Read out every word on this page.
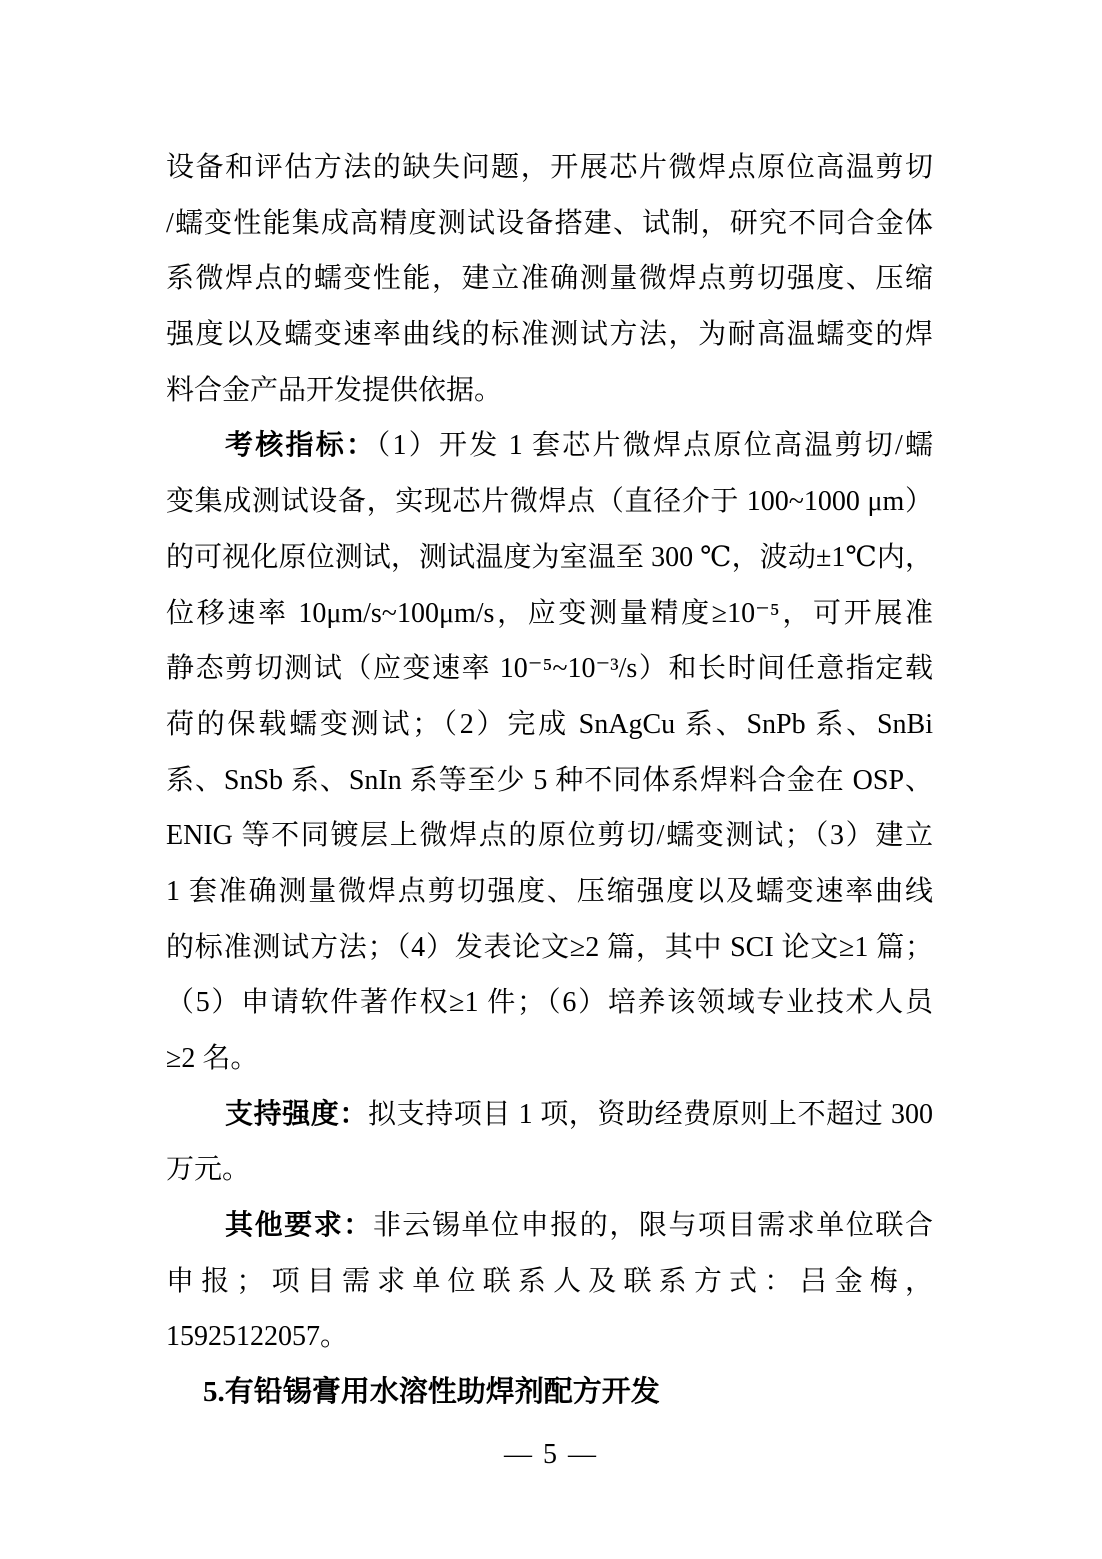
设备和评估方法的缺失问题，开展芯片微焊点原位高温剪切
/蠕变性能集成高精度测试设备搭建、试制，研究不同合金体
系微焊点的蠕变性能，建立准确测量微焊点剪切强度、压缩
强度以及蠕变速率曲线的标准测试方法，为耐高温蠕变的焊
料合金产品开发提供依据。
考核指标：（1）开发 1 套芯片微焊点原位高温剪切/蠕
变集成测试设备，实现芯片微焊点（直径介于 100~1000 μm）
的可视化原位测试，测试温度为室温至 300 ℃，波动±1℃内，
位移速率 10μm/s~100μm/s，应变测量精度≥10⁻⁵，可开展准
静态剪切测试（应变速率 10⁻⁵~10⁻³/s）和长时间任意指定载
荷的保载蠕变测试；（2）完成 SnAgCu 系、SnPb 系、SnBi
系、SnSb 系、SnIn 系等至少 5 种不同体系焊料合金在 OSP、
ENIG 等不同镀层上微焊点的原位剪切/蠕变测试；（3）建立
1 套准确测量微焊点剪切强度、压缩强度以及蠕变速率曲线
的标准测试方法；（4）发表论文≥2 篇，其中 SCI 论文≥1 篇；
（5）申请软件著作权≥1 件；（6）培养该领域专业技术人员
≥2 名。
支持强度：拟支持项目 1 项，资助经费原则上不超过 300
万元。
其他要求：非云锡单位申报的，限与项目需求单位联合
申报；项目需求单位联系人及联系方式：吕金梅，
15925122057。
5.有铅锡膏用水溶性助焊剂配方开发
— 5 —
